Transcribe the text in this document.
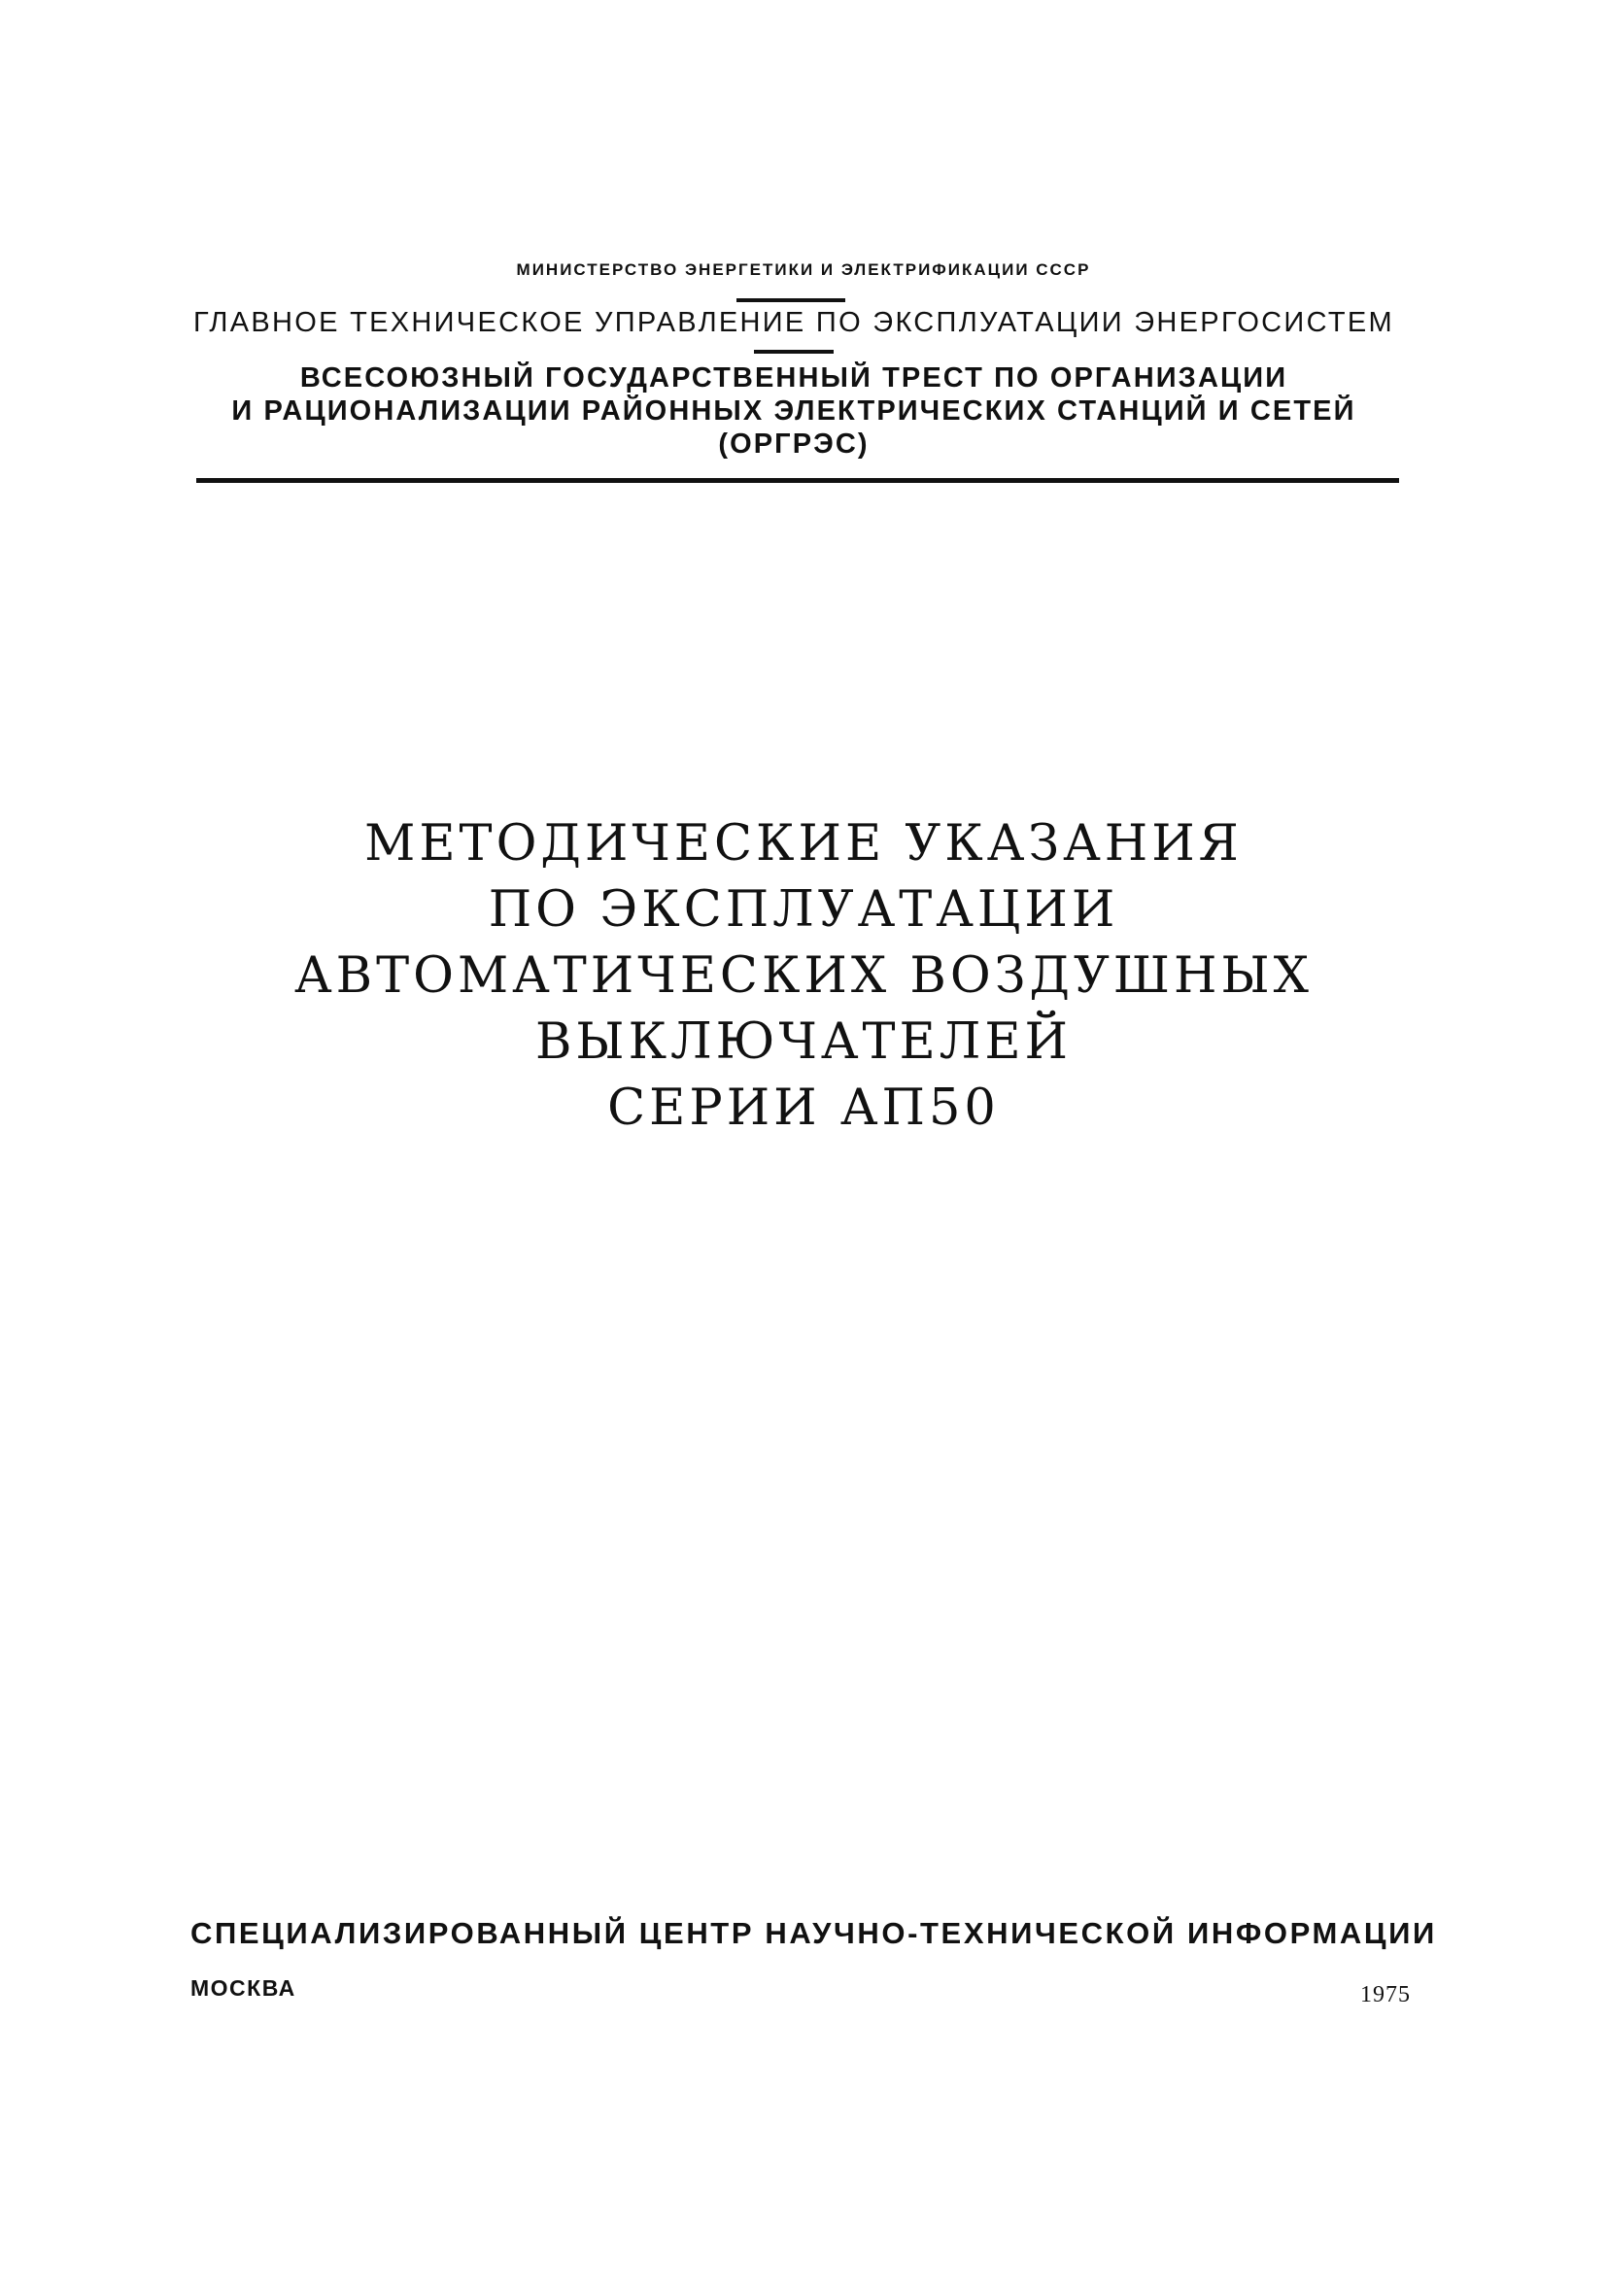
МИНИСТЕРСТВО ЭНЕРГЕТИКИ И ЭЛЕКТРИФИКАЦИИ СССР
ГЛАВНОЕ ТЕХНИЧЕСКОЕ УПРАВЛЕНИЕ ПО ЭКСПЛУАТАЦИИ ЭНЕРГОСИСТЕМ
ВСЕСОЮЗНЫЙ ГОСУДАРСТВЕННЫЙ ТРЕСТ ПО ОРГАНИЗАЦИИ
И РАЦИОНАЛИЗАЦИИ РАЙОННЫХ ЭЛЕКТРИЧЕСКИХ СТАНЦИЙ И СЕТЕЙ
(ОРГРЭС)
МЕТОДИЧЕСКИЕ УКАЗАНИЯ
ПО ЭКСПЛУАТАЦИИ
АВТОМАТИЧЕСКИХ ВОЗДУШНЫХ
ВЫКЛЮЧАТЕЛЕЙ
СЕРИИ АП50
СПЕЦИАЛИЗИРОВАННЫЙ ЦЕНТР НАУЧНО-ТЕХНИЧЕСКОЙ ИНФОРМАЦИИ
МОСКВА	1975
